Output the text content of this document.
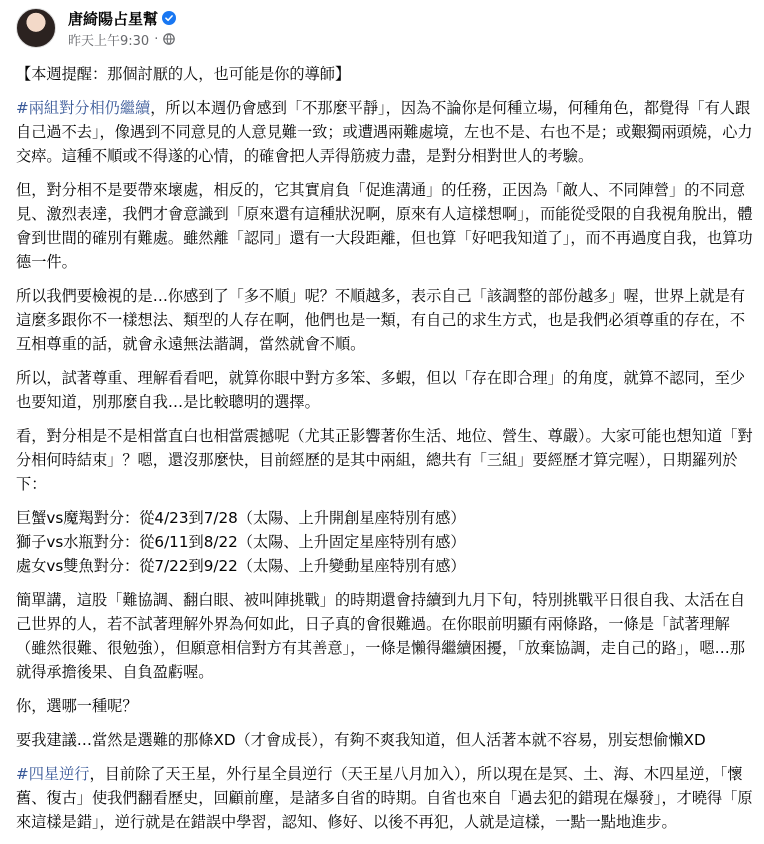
唐綺陽占星幫
昨天上午9:30 ·

【本週提醒：那個討厭的人，也可能是你的導師】

#兩組對分相仍繼續，所以本週仍會感到「不那麼平靜」，因為不論你是何種立場，何種角色，都覺得「有人跟自己過不去」，像遇到不同意見的人意見難一致；或遭遇兩難處境，左也不是、右也不是；或艱獨兩頭燒，心力交瘁。這種不順或不得遂的心情，的確會把人弄得筋疲力盡，是對分相對世人的考驗。

但，對分相不是要帶來壞處，相反的，它其實肩負「促進溝通」的任務，正因為「敵人、不同陣營」的不同意見、激烈表達，我們才會意識到「原來還有這種狀況啊，原來有人這樣想啊」，而能從受限的自我視角脫出，體會到世間的確別有難處。雖然離「認同」還有一大段距離，但也算「好吧我知道了」，而不再過度自我，也算功德一件。

所以我們要檢視的是…你感到了「多不順」呢？不順越多，表示自己「該調整的部份越多」喔，世界上就是有這麼多跟你不一樣想法、類型的人存在啊，他們也是一類，有自己的求生方式，也是我們必須尊重的存在，不互相尊重的話，就會永遠無法諧調，當然就會不順。

所以，試著尊重、理解看看吧，就算你眼中對方多笨、多蝦，但以「存在即合理」的角度，就算不認同，至少也要知道，別那麼自我…是比較聰明的選擇。

看，對分相是不是相當直白也相當震撼呢（尤其正影響著你生活、地位、營生、尊嚴）。大家可能也想知道「對分相何時結束」？嗯，還沒那麼快，目前經歷的是其中兩組，總共有「三組」要經歷才算完喔），日期羅列於下：

巨蟹vs魔羯對分：從4/23到7/28（太陽、上升開創星座特別有感）

獅子vs水瓶對分：從6/11到8/22（太陽、上升固定星座特別有感）

處女vs雙魚對分：從7/22到9/22（太陽、上升變動星座特別有感）

簡單講，這股「難協調、翻白眼、被叫陣挑戰」的時期還會持續到九月下旬，特別挑戰平日很自我、太活在自己世界的人，若不試著理解外界為何如此，日子真的會很難過。在你眼前明顯有兩條路，一條是「試著理解（雖然很難、很勉強），但願意相信對方有其善意」，一條是懶得繼續困擾，「放棄協調，走自己的路」，嗯…那就得承擔後果、自負盈虧喔。

你，選哪一種呢？

要我建議…當然是選難的那條XD（才會成長），有夠不爽我知道，但人活著本就不容易，別妄想偷懶XD

#四星逆行，目前除了天王星，外行星全員逆行（天王星八月加入），所以現在是冥、土、海、木四星逆，「懷舊、復古」使我們翻看歷史，回顧前塵，是諸多自省的時期。自省也來自「過去犯的錯現在爆發」，才曉得「原來這樣是錯」，逆行就是在錯誤中學習，認知、修好、以後不再犯，人就是這樣，一點一點地進步。
